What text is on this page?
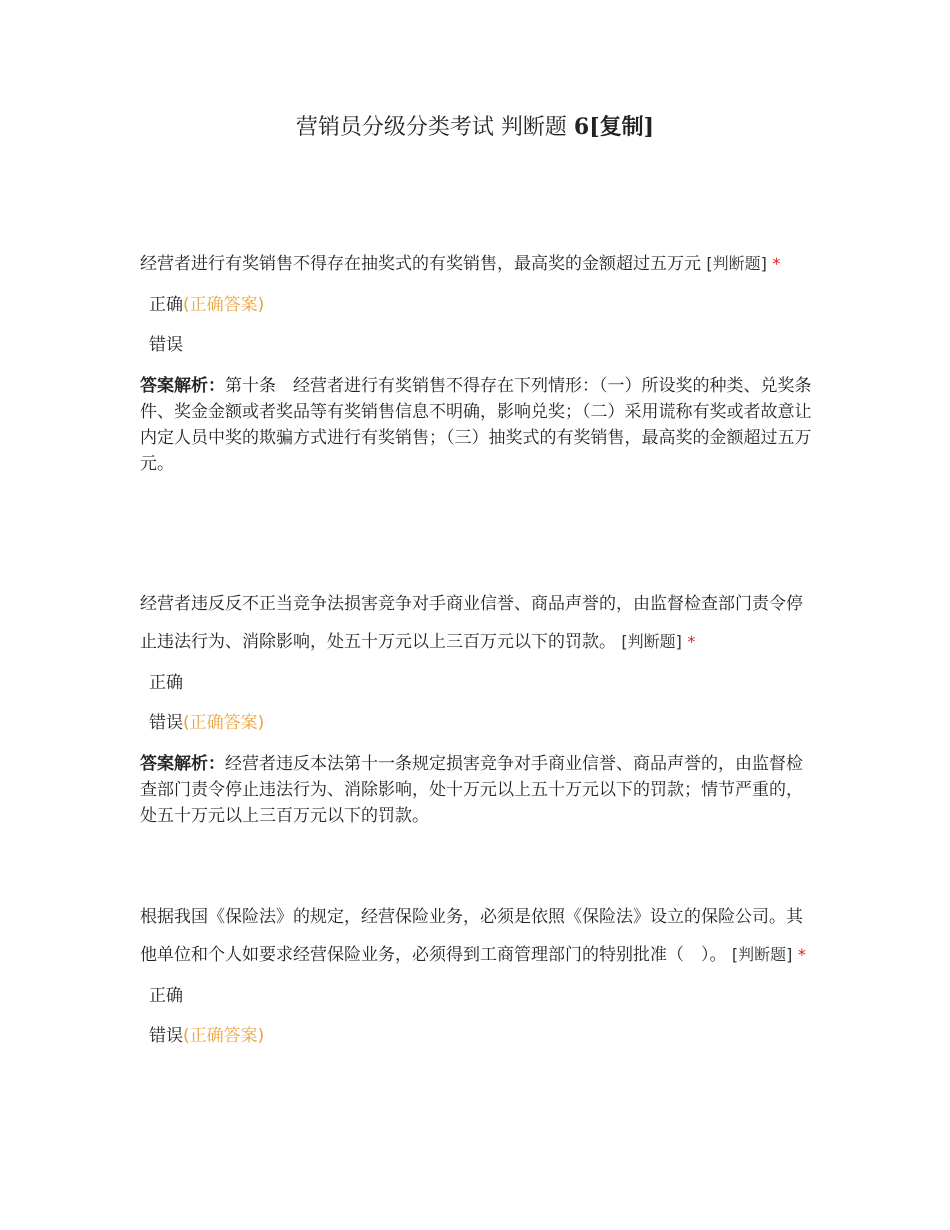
营销员分级分类考试 判断题 6[复制]

经营者进行有奖销售不得存在抽奖式的有奖销售，最高奖的金额超过五万元 [判断题] *

正确(正确答案)
错误
答案解析：第十条　经营者进行有奖销售不得存在下列情形：（一）所设奖的种类、兑奖条件、奖金金额或者奖品等有奖销售信息不明确，影响兑奖；（二）采用谎称有奖或者故意让内定人员中奖的欺骗方式进行有奖销售；（三）抽奖式的有奖销售，最高奖的金额超过五万元。

经营者违反反不正当竞争法损害竞争对手商业信誉、商品声誉的，由监督检查部门责令停止违法行为、消除影响，处五十万元以上三百万元以下的罚款。 [判断题] *

正确
错误(正确答案)
答案解析：经营者违反本法第十一条规定损害竞争对手商业信誉、商品声誉的，由监督检查部门责令停止违法行为、消除影响，处十万元以上五十万元以下的罚款；情节严重的，处五十万元以上三百万元以下的罚款。

根据我国《保险法》的规定，经营保险业务，必须是依照《保险法》设立的保险公司。其他单位和个人如要求经营保险业务，必须得到工商管理部门的特别批准（　）。 [判断题] *

正确
错误(正确答案)
